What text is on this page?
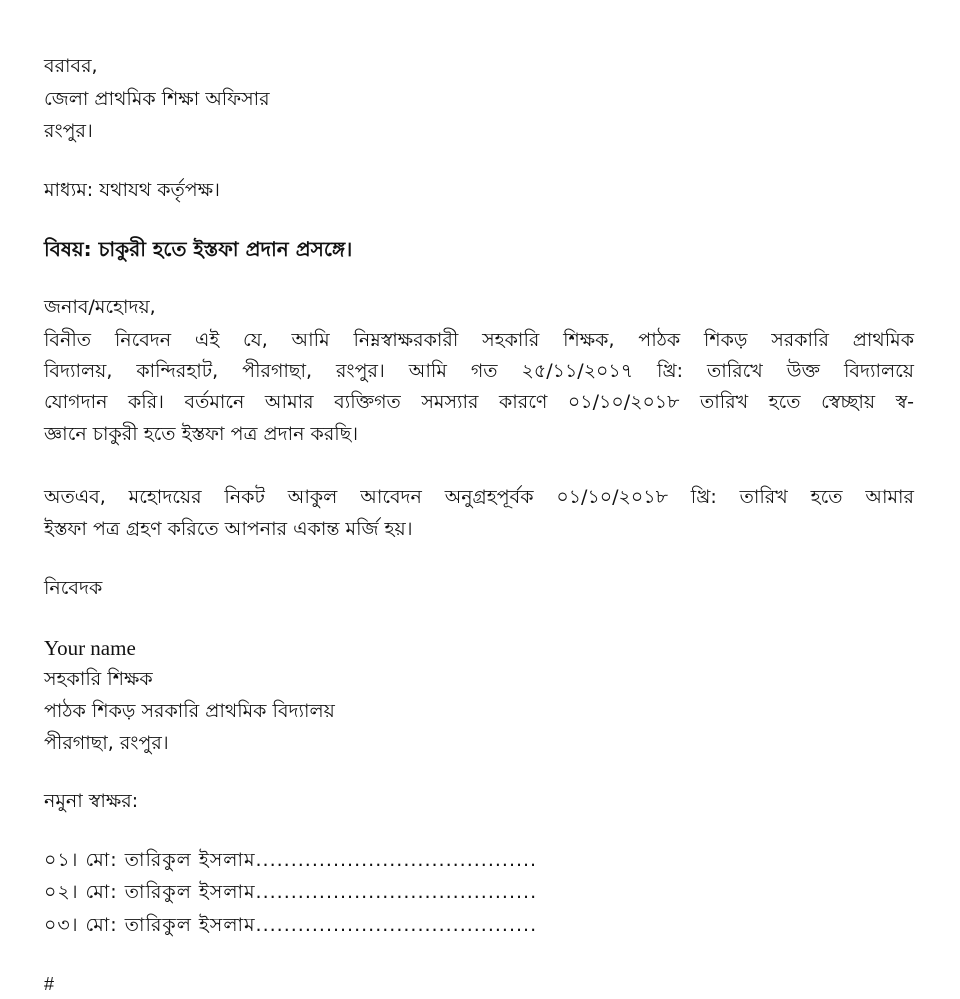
বরাবর,
জেলা প্রাথমিক শিক্ষা অফিসার
রংপুর।
মাধ্যম: যথাযথ কর্তৃপক্ষ।
বিষয়: চাকুরী হতে ইস্তফা প্রদান প্রসঙ্গে।
জনাব/মহোদয়,
বিনীত নিবেদন এই যে, আমি নিম্নস্বাক্ষরকারী সহকারি শিক্ষক, পাঠক শিকড় সরকারি প্রাথমিক
বিদ্যালয়, কান্দিরহাট, পীরগাছা, রংপুর। আমি গত ২৫/১১/২০১৭ খ্রি: তারিখে উক্ত বিদ্যালয়ে
যোগদান করি। বর্তমানে আমার ব্যক্তিগত সমস্যার কারণে ০১/১০/২০১৮ তারিখ হতে স্বেচ্ছায় স্ব-
জ্ঞানে চাকুরী হতে ইস্তফা পত্র প্রদান করছি।
অতএব, মহোদয়ের নিকট আকুল আবেদন অনুগ্রহপূর্বক ০১/১০/২০১৮ খ্রি: তারিখ হতে আমার
ইস্তফা পত্র গ্রহণ করিতে আপনার একান্ত মর্জি হয়।
নিবেদক
Your name
সহকারি শিক্ষক
পাঠক শিকড় সরকারি প্রাথমিক বিদ্যালয়
পীরগাছা, রংপুর।
নমুনা স্বাক্ষর:
০১। মো: তারিকুল ইসলাম........................................
০২। মো: তারিকুল ইসলাম........................................
০৩। মো: তারিকুল ইসলাম........................................
#
